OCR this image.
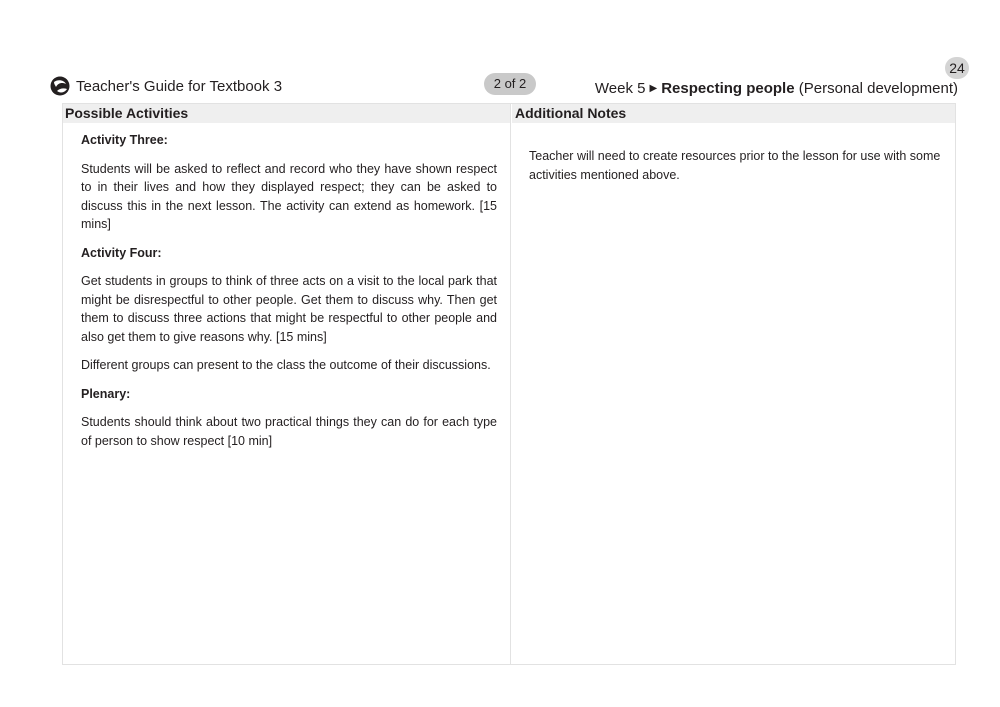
Teacher's Guide for Textbook 3	2 of 2
24
Week 5 ▶ Respecting people (Personal development)
Possible Activities	Additional Notes

Activity Three:

Students will be asked to reflect and record who they have shown respect to in their lives and how they displayed respect; they can be asked to discuss this in the next lesson. The activity can extend as homework. [15 mins]

Activity Four:

Get students in groups to think of three acts on a visit to the local park that might be disrespectful to other people. Get them to discuss why. Then get them to discuss three actions that might be respectful to other people and also get them to give reasons why. [15 mins]

Different groups can present to the class the outcome of their discussions.

Plenary:

Students should think about two practical things they can do for each type of person to show respect [10 min]

Teacher will need to create resources prior to the lesson for use with some activities mentioned above.
